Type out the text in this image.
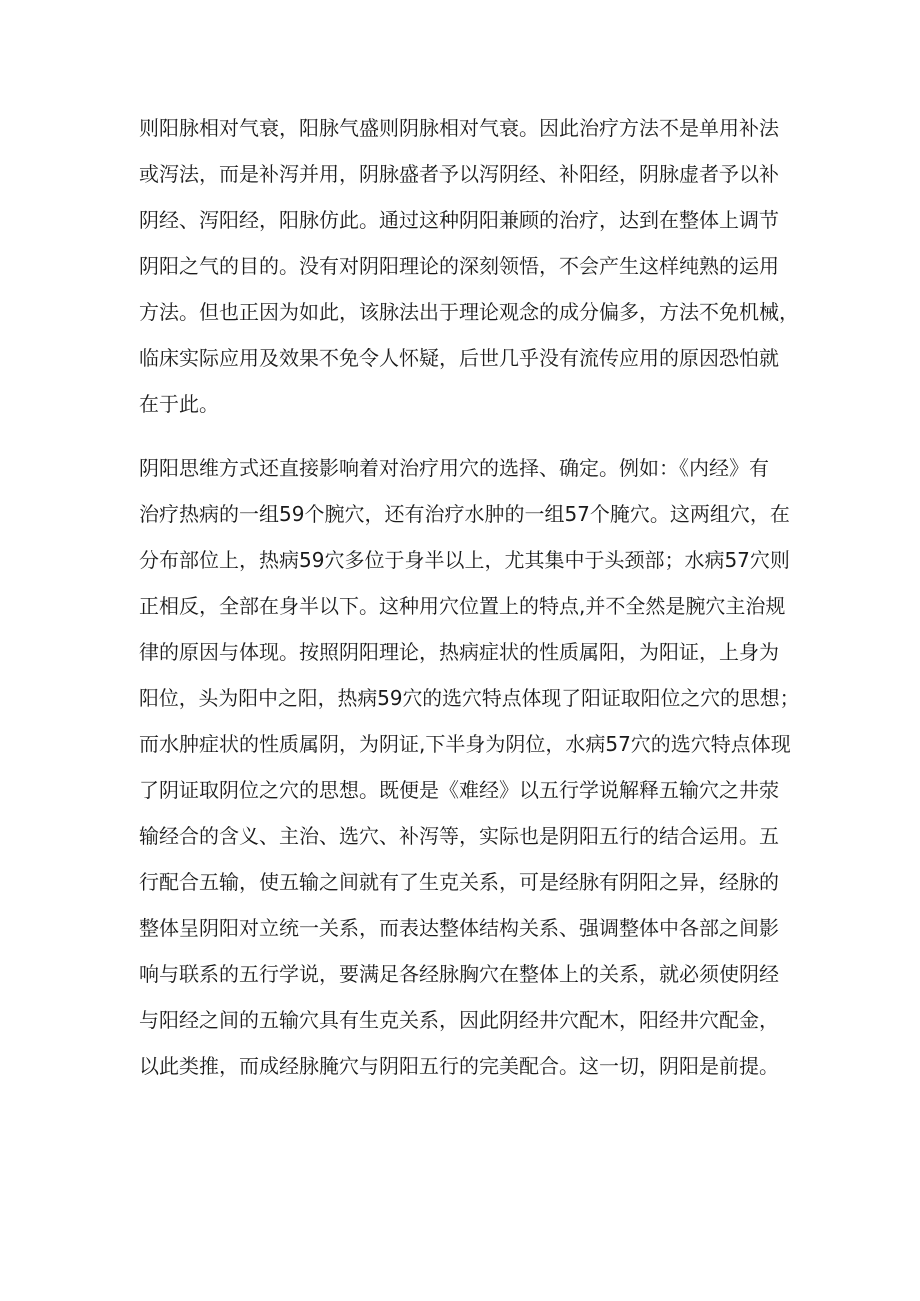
则阳脉相对气衰，阳脉气盛则阴脉相对气衰。因此治疗方法不是单用补法
或泻法，而是补泻并用，阴脉盛者予以泻阴经、补阳经，阴脉虚者予以补
阴经、泻阳经，阳脉仿此。通过这种阴阳兼顾的治疗，达到在整体上调节
阴阳之气的目的。没有对阴阳理论的深刻领悟，不会产生这样纯熟的运用
方法。但也正因为如此，该脉法出于理论观念的成分偏多，方法不免机械，
临床实际应用及效果不免令人怀疑，后世几乎没有流传应用的原因恐怕就
在于此。
阴阳思维方式还直接影响着对治疗用穴的选择、确定。例如：《内经》有
治疗热病的一组59个腕穴，还有治疗水肿的一组57个腌穴。这两组穴，在
分布部位上，热病59穴多位于身半以上，尤其集中于头颈部；水病57穴则
正相反，全部在身半以下。这种用穴位置上的特点,并不全然是腕穴主治规
律的原因与体现。按照阴阳理论，热病症状的性质属阳，为阳证，上身为
阳位，头为阳中之阳，热病59穴的选穴特点体现了阳证取阳位之穴的思想；
而水肿症状的性质属阴，为阴证,下半身为阴位，水病57穴的选穴特点体现
了阴证取阴位之穴的思想。既便是《难经》以五行学说解释五输穴之井荥
输经合的含义、主治、选穴、补泻等，实际也是阴阳五行的结合运用。五
行配合五输，使五输之间就有了生克关系，可是经脉有阴阳之异，经脉的
整体呈阴阳对立统一关系，而表达整体结构关系、强调整体中各部之间影
响与联系的五行学说，要满足各经脉胸穴在整体上的关系，就必须使阴经
与阳经之间的五输穴具有生克关系，因此阴经井穴配木，阳经井穴配金，
以此类推，而成经脉腌穴与阴阳五行的完美配合。这一切，阴阳是前提。
